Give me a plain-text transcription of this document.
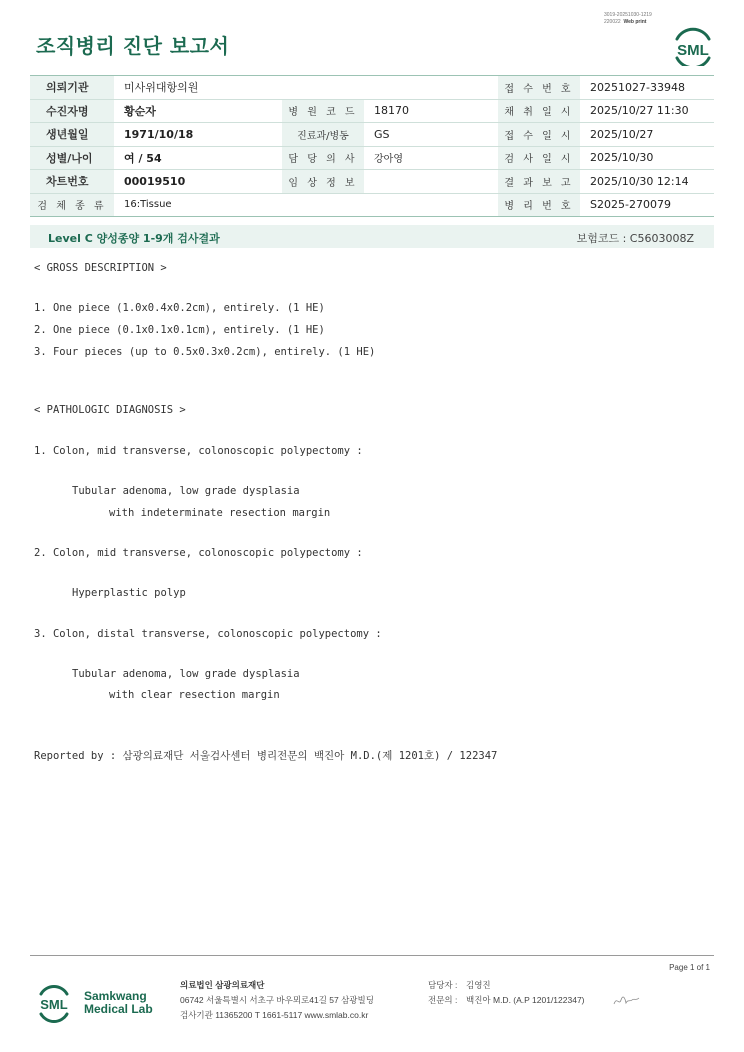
3019-20251030-1219
220022 Web print
조직병리 진단 보고서	SML
의뢰기관	미사위대항의원			접 수 번 호	20251027-33948
수진자명	황순자	병 원 코 드	18170	채 취 일 시	2025/10/27 11:30
생년월일	1971/10/18	진료과/병동	GS	접 수 일 시	2025/10/27
성별/나이	여 / 54	담 당 의 사	강아영	검 사 일 시	2025/10/30
차트번호	00019510	임 상 정 보		결 과 보 고	2025/10/30 12:14
검 체 종 류	16:Tissue			병 리 번 호	S2025-270079
Level C 양성종양 1-9개 검사결과	보험코드 : C5603008Z
< GROSS DESCRIPTION >
1. One piece (1.0x0.4x0.2cm), entirely. (1 HE)
2. One piece (0.1x0.1x0.1cm), entirely. (1 HE)
3. Four pieces (up to 0.5x0.3x0.2cm), entirely. (1 HE)
< PATHOLOGIC DIAGNOSIS >
1. Colon, mid transverse, colonoscopic polypectomy :
Tubular adenoma, low grade dysplasia
with indeterminate resection margin
2. Colon, mid transverse, colonoscopic polypectomy :
Hyperplastic polyp
3. Colon, distal transverse, colonoscopic polypectomy :
Tubular adenoma, low grade dysplasia
with clear resection margin
Reported by : 삼광의료재단 서울검사센터 병리전문의 백진아 M.D.(제 1201호) / 122347
Page 1 of 1
SML
Samkwang
Medical Lab
의료법인 삼광의료재단
06742 서울특별시 서초구 바우뫼로41길 57 삼광빌딩
검사기관 11365200 T 1661-5117 www.smlab.co.kr
담당자 : 김영진
전문의 : 백진아 M.D. (A.P 1201/122347)
